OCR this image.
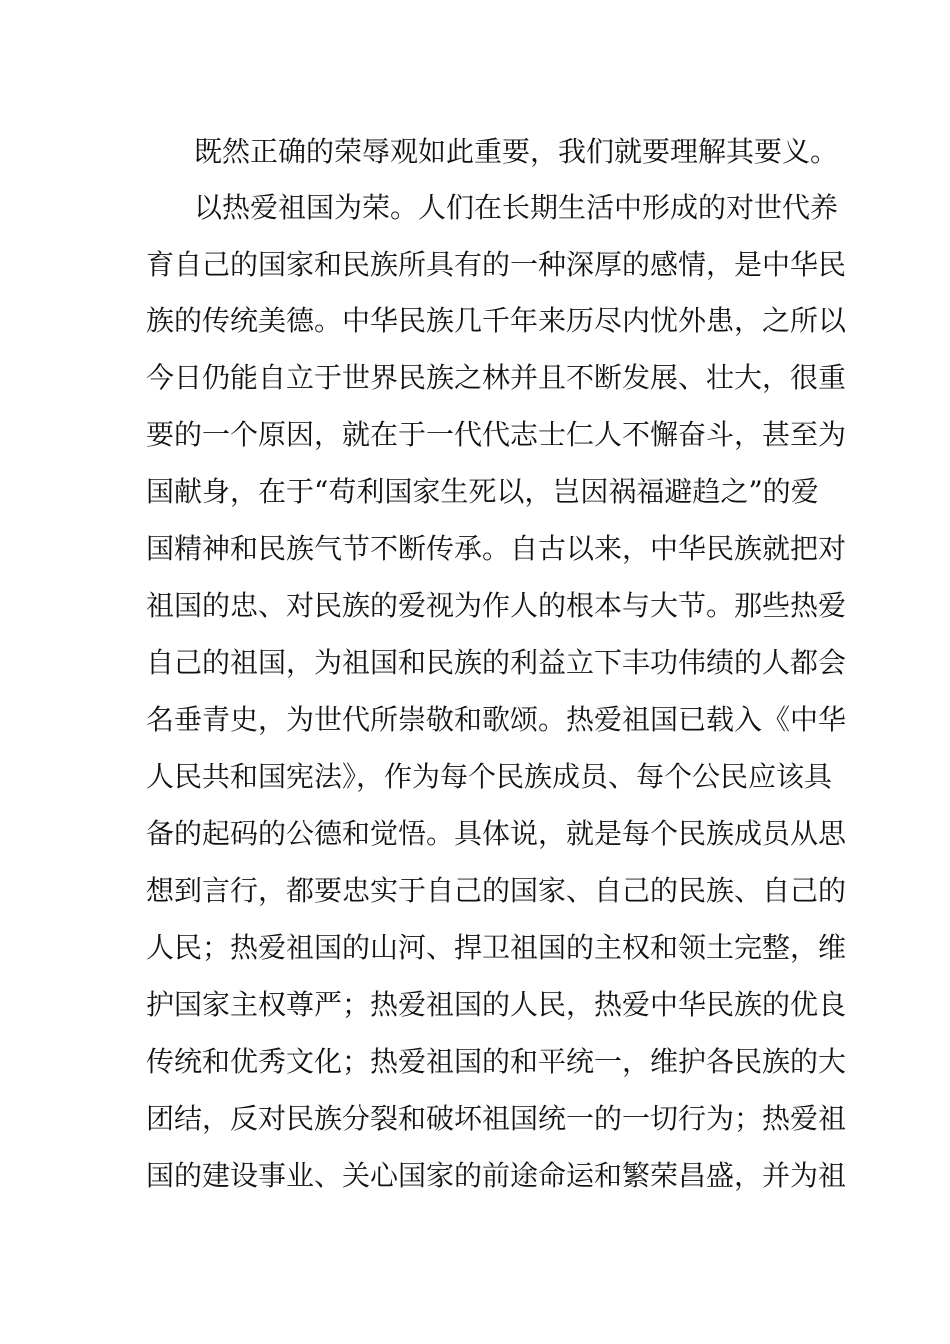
既然正确的荣辱观如此重要，我们就要理解其要义。
以热爱祖国为荣。人们在长期生活中形成的对世代养
育自己的国家和民族所具有的一种深厚的感情，是中华民
族的传统美德。中华民族几千年来历尽内忧外患，之所以
今日仍能自立于世界民族之林并且不断发展、壮大，很重
要的一个原因，就在于一代代志士仁人不懈奋斗，甚至为
国献身，在于“苟利国家生死以，岂因祸福避趋之”的爱
国精神和民族气节不断传承。自古以来，中华民族就把对
祖国的忠、对民族的爱视为作人的根本与大节。那些热爱
自己的祖国，为祖国和民族的利益立下丰功伟绩的人都会
名垂青史，为世代所崇敬和歌颂。热爱祖国已载入《中华
人民共和国宪法》，作为每个民族成员、每个公民应该具
备的起码的公德和觉悟。具体说，就是每个民族成员从思
想到言行，都要忠实于自己的国家、自己的民族、自己的
人民；热爱祖国的山河、捍卫祖国的主权和领土完整，维
护国家主权尊严；热爱祖国的人民，热爱中华民族的优良
传统和优秀文化；热爱祖国的和平统一，维护各民族的大
团结，反对民族分裂和破坏祖国统一的一切行为；热爱祖
国的建设事业、关心国家的前途命运和繁荣昌盛，并为祖
